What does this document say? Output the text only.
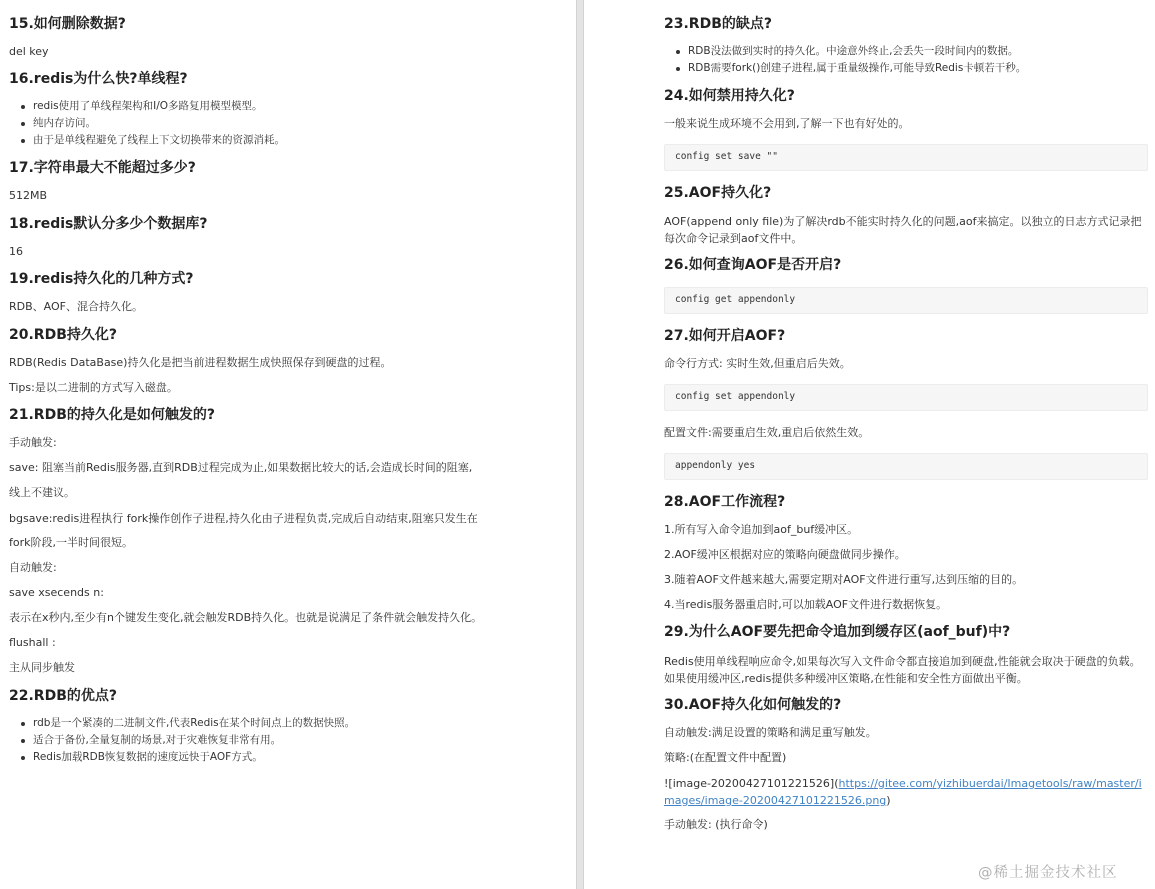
15.如何删除数据?

del key

16.redis为什么快?单线程?
redis使用了单线程架构和I/O多路复用模型模型。
纯内存访问。
由于是单线程避免了线程上下文切换带来的资源消耗。
17.字符串最大不能超过多少?

512MB

18.redis默认分多少个数据库?

16

19.redis持久化的几种方式?

RDB、AOF、混合持久化。

20.RDB持久化?

RDB(Redis DataBase)持久化是把当前进程数据生成快照保存到硬盘的过程。

Tips:是以二进制的方式写入磁盘。

21.RDB的持久化是如何触发的?

手动触发:

save: 阻塞当前Redis服务器,直到RDB过程完成为止,如果数据比较大的话,会造成长时间的阻塞,

线上不建议。

bgsave:redis进程执行 fork操作创作子进程,持久化由子进程负责,完成后自动结束,阻塞只发生在

fork阶段,一半时间很短。

自动触发:

save xsecends n:

表示在x秒内,至少有n个键发生变化,就会触发RDB持久化。也就是说满足了条件就会触发持久化。

flushall :

主从同步触发

22.RDB的优点?
rdb是一个紧凑的二进制文件,代表Redis在某个时间点上的数据快照。
适合于备份,全量复制的场景,对于灾难恢复非常有用。
Redis加载RDB恢复数据的速度远快于AOF方式。
23.RDB的缺点?
RDB没法做到实时的持久化。中途意外终止,会丢失一段时间内的数据。
RDB需要fork()创建子进程,属于重量级操作,可能导致Redis卡顿若干秒。
24.如何禁用持久化?

一般来说生成环境不会用到,了解一下也有好处的。

config set save ""
25.AOF持久化?

AOF(append only file)为了解决rdb不能实时持久化的问题,aof来搞定。以独立的日志方式记录把每次命令记录到aof文件中。

26.如何查询AOF是否开启?
config get appendonly
27.如何开启AOF?

命令行方式: 实时生效,但重启后失效。

config set appendonly

配置文件:需要重启生效,重启后依然生效。

appendonly yes
28.AOF工作流程?

1.所有写入命令追加到aof_buf缓冲区。

2.AOF缓冲区根据对应的策略向硬盘做同步操作。

3.随着AOF文件越来越大,需要定期对AOF文件进行重写,达到压缩的目的。

4.当redis服务器重启时,可以加载AOF文件进行数据恢复。

29.为什么AOF要先把命令追加到缓存区(aof_buf)中?

Redis使用单线程响应命令,如果每次写入文件命令都直接追加到硬盘,性能就会取决于硬盘的负载。如果使用缓冲区,redis提供多种缓冲区策略,在性能和安全性方面做出平衡。

30.AOF持久化如何触发的?

自动触发:满足设置的策略和满足重写触发。

策略:(在配置文件中配置)

![image-20200427101221526](https://gitee.com/yizhibuerdai/Imagetools/raw/master/images/image-20200427101221526.png)

手动触发: (执行命令)

@稀土掘金技术社区
